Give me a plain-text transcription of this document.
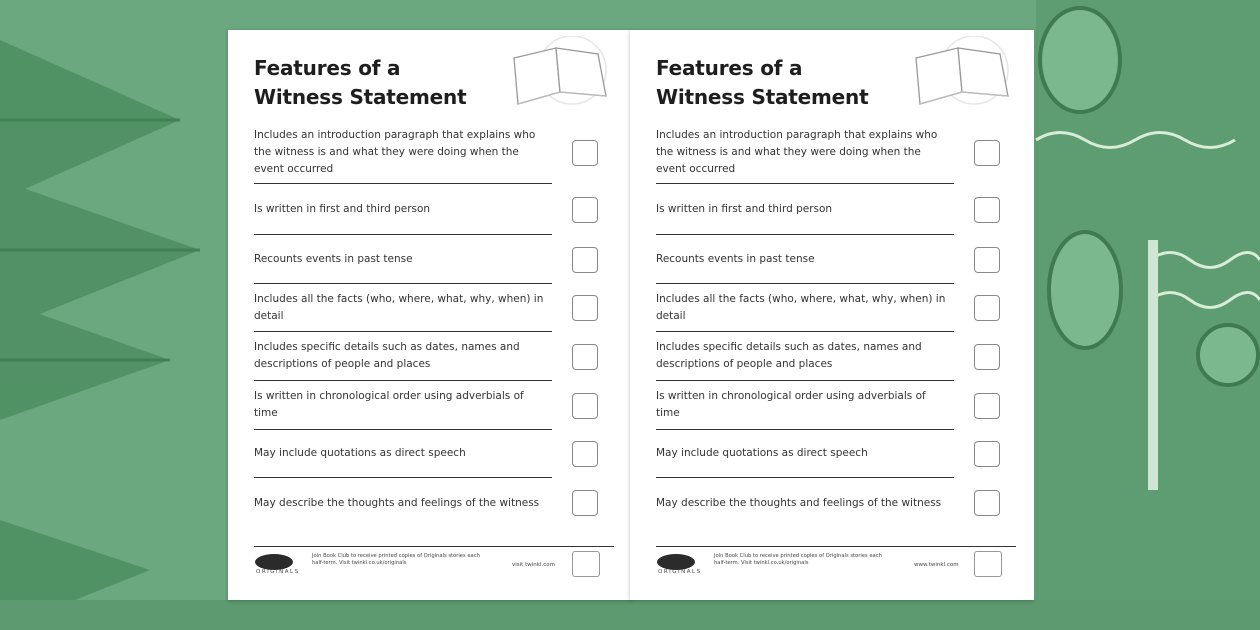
Features of a
Witness Statement
Includes an introduction paragraph that explains who the witness is and what they were doing when the event occurred
Is written in first and third person
Recounts events in past tense
Includes all the facts (who, where, what, why, when) in detail
Includes specific details such as dates, names and descriptions of people and places
Is written in chronological order using adverbials of time
May include quotations as direct speech
May describe the thoughts and feelings of the witness
ORIGINALS
Join Book Club to receive printed copies of Originals stories each half-term. Visit twinkl.co.uk/originals	visit twinkl.com
Features of a
Witness Statement
Includes an introduction paragraph that explains who the witness is and what they were doing when the event occurred
Is written in first and third person
Recounts events in past tense
Includes all the facts (who, where, what, why, when) in detail
Includes specific details such as dates, names and descriptions of people and places
Is written in chronological order using adverbials of time
May include quotations as direct speech
May describe the thoughts and feelings of the witness
ORIGINALS
Join Book Club to receive printed copies of Originals stories each half-term. Visit twinkl.co.uk/originals	www.twinkl.com
